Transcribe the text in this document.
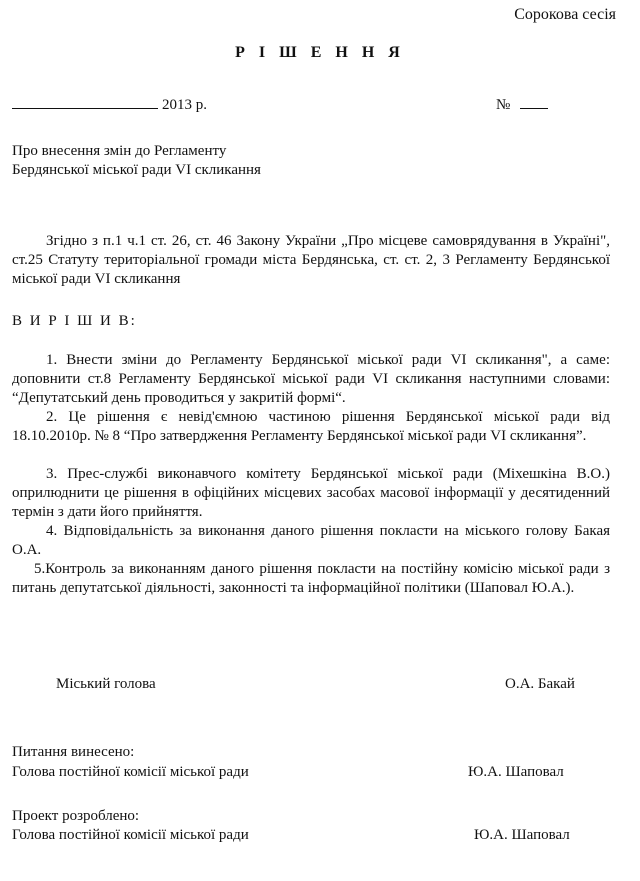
Сорокова сесія
Р І Ш Е Н Н Я
2013 р.	№
Про внесення змін до Регламенту
Бердянської міської ради VI скликання
Згідно з п.1 ч.1 ст. 26, ст. 46 Закону України „Про місцеве самоврядування в Україні", ст.25 Статуту територіальної громади міста Бердянська, ст. ст. 2, 3 Регламенту Бердянської міської ради VI скликання
В И Р І Ш И В:
1. Внести зміни до Регламенту Бердянської міської ради VI скликання", а саме: доповнити ст.8 Регламенту Бердянської міської ради VI скликання наступними словами: “Депутатський день проводиться у закритій формі“.
2. Це рішення є невід'ємною частиною рішення Бердянської міської ради від 18.10.2010р. № 8 “Про затвердження Регламенту Бердянської міської ради VI скликання”.
3. Прес-службі виконавчого комітету Бердянської міської ради (Міхешкіна В.О.) оприлюднити це рішення в офіційних місцевих засобах масової інформації у десятиденний термін з дати його прийняття.
4. Відповідальність за виконання даного рішення покласти на міського голову Бакая О.А.
5.Контроль за виконанням даного рішення покласти на постійну комісію міської ради з питань депутатської діяльності, законності та інформаційної політики (Шаповал Ю.А.).
Міський голова	О.А. Бакай
Питання винесено:
Голова постійної комісії міської ради	Ю.А. Шаповал
Проект розроблено:
Голова постійної комісії міської ради	Ю.А. Шаповал
